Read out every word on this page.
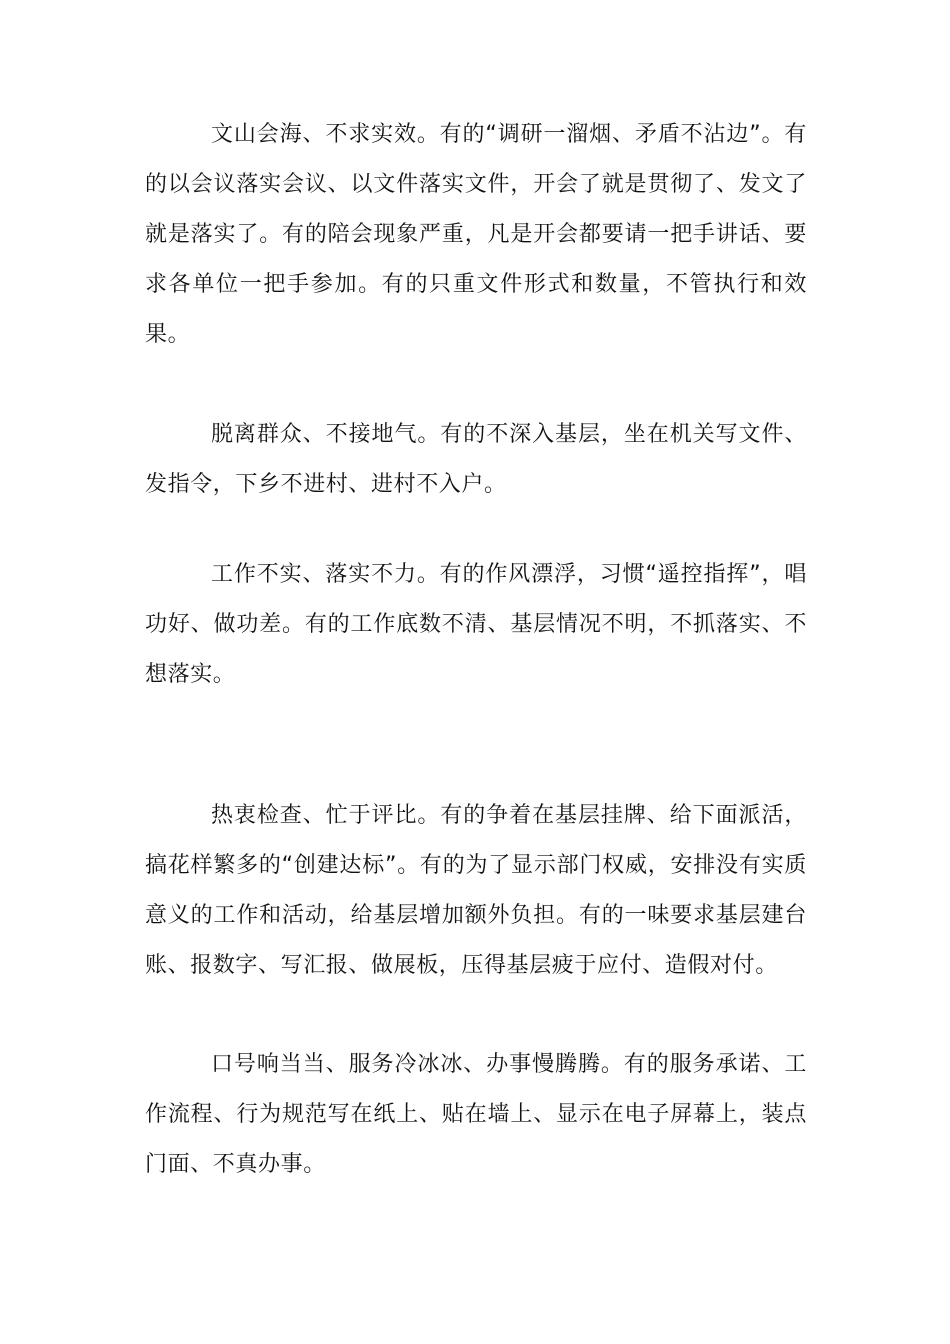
文山会海、不求实效。有的“调研一溜烟、矛盾不沾边”。有的以会议落实会议、以文件落实文件，开会了就是贯彻了、发文了就是落实了。有的陪会现象严重，凡是开会都要请一把手讲话、要求各单位一把手参加。有的只重文件形式和数量，不管执行和效果。

脱离群众、不接地气。有的不深入基层，坐在机关写文件、发指令，下乡不进村、进村不入户。

工作不实、落实不力。有的作风漂浮，习惯“遥控指挥”，唱功好、做功差。有的工作底数不清、基层情况不明，不抓落实、不想落实。

热衷检查、忙于评比。有的争着在基层挂牌、给下面派活，搞花样繁多的“创建达标”。有的为了显示部门权威，安排没有实质意义的工作和活动，给基层增加额外负担。有的一味要求基层建台账、报数字、写汇报、做展板，压得基层疲于应付、造假对付。

口号响当当、服务冷冰冰、办事慢腾腾。有的服务承诺、工作流程、行为规范写在纸上、贴在墙上、显示在电子屏幕上，装点门面、不真办事。
